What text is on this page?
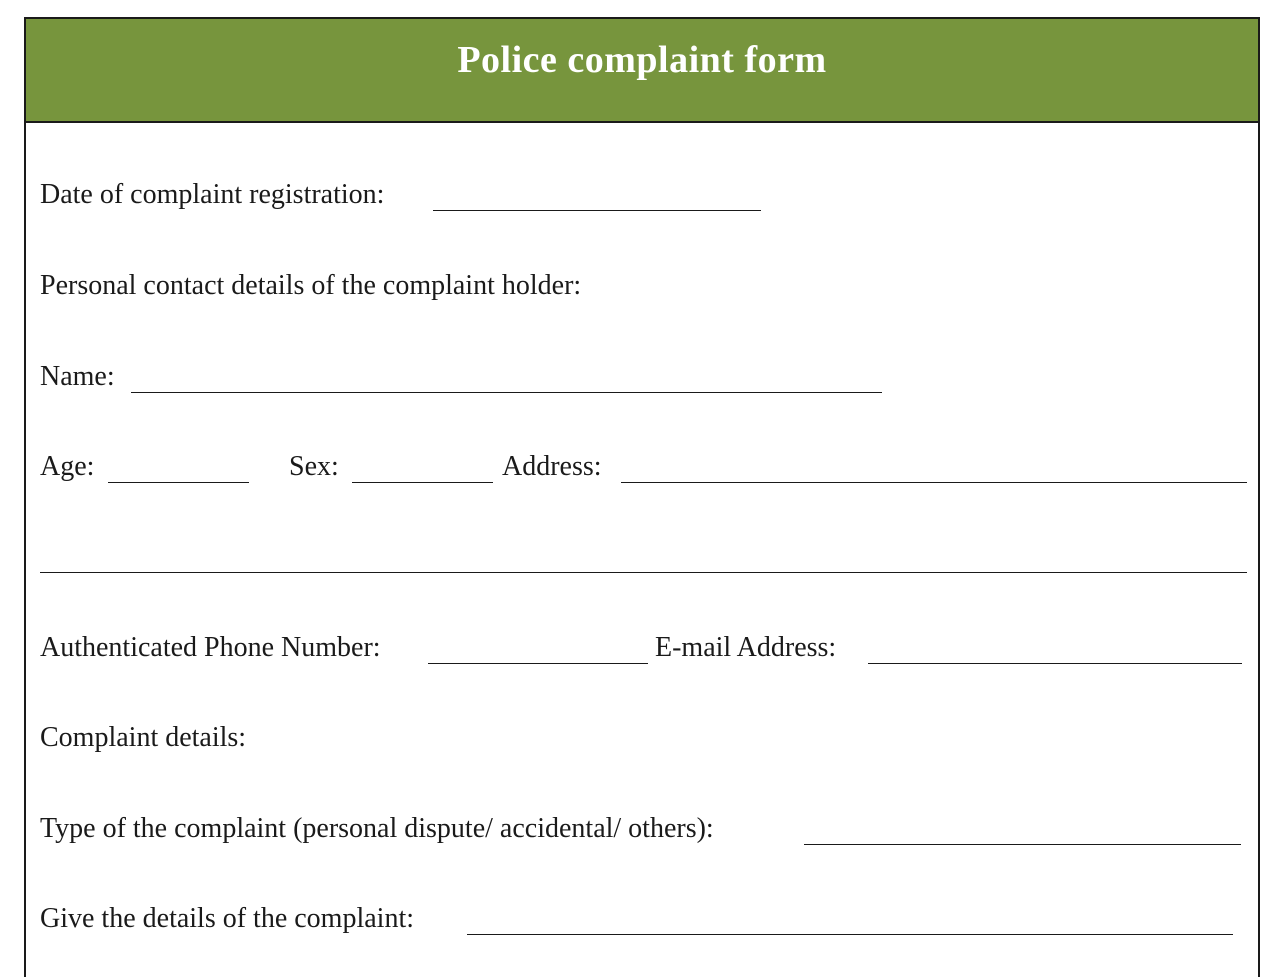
Police complaint form
Date of complaint registration:
Personal contact details of the complaint holder:
Name:
Age:	Sex:	Address:
Authenticated Phone Number:	E-mail Address:
Complaint details:
Type of the complaint (personal dispute/ accidental/ others):
Give the details of the complaint:
